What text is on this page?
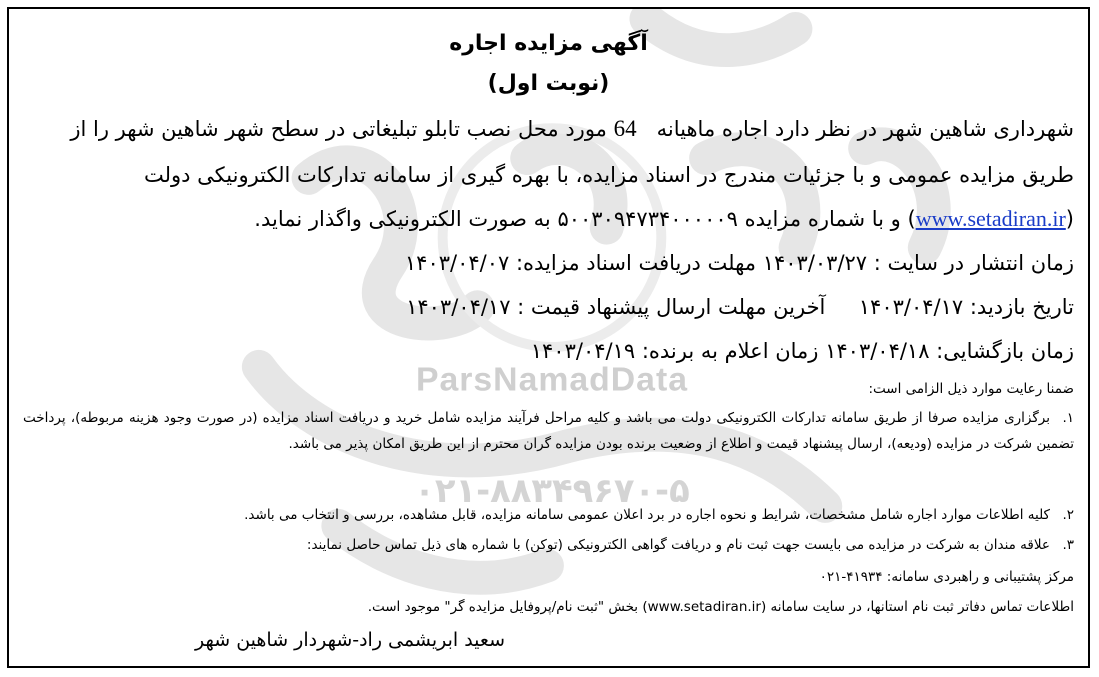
ParsNamadData
۰۲۱-۸۸۳۴۹۶۷۰-۵
آگهی مزایده اجاره
(نوبت اول)
شهرداری شاهین شهر در نظر دارد اجاره ماهیانه   64 مورد محل نصب تابلو تبلیغاتی در سطح شهر شاهین شهر را از
طریق مزایده عمومی و با جزئیات مندرج در اسناد مزایده، با بهره گیری از سامانه تدارکات الکترونیکی دولت
(www.setadiran.ir) و با شماره مزایده ۵۰۰۳۰۹۴۷۳۴۰۰۰۰۰۹ به صورت الکترونیکی واگذار نماید.
زمان انتشار در سایت : ۱۴۰۳/۰۳/۲۷ مهلت دریافت اسناد مزایده: ۱۴۰۳/۰۴/۰۷
تاریخ بازدید: ۱۴۰۳/۰۴/۱۷     آخرین مهلت ارسال پیشنهاد قیمت : ۱۴۰۳/۰۴/۱۷
زمان بازگشایی: ۱۴۰۳/۰۴/۱۸ زمان اعلام به برنده: ۱۴۰۳/۰۴/۱۹
ضمنا رعایت موارد ذیل الزامی است:
۱.برگزاری مزایده صرفا از طریق سامانه تدارکات الکترونیکی دولت می باشد و کلیه مراحل فرآیند مزایده شامل خرید و دریافت اسناد مزایده (در صورت وجود هزینه مربوطه)، پرداخت تضمین شرکت در مزایده (ودیعه)، ارسال پیشنهاد قیمت و اطلاع از وضعیت برنده بودن مزایده گران محترم از این طریق امکان پذیر می باشد.
۲.کلیه اطلاعات موارد اجاره شامل مشخصات، شرایط و نحوه اجاره در برد اعلان عمومی سامانه مزایده، قابل مشاهده، بررسی و انتخاب می باشد.
۳.علاقه مندان به شرکت در مزایده می بایست جهت ثبت نام و دریافت گواهی الکترونیکی (توکن) با شماره های ذیل تماس حاصل نمایند:
مرکز پشتیبانی و راهبردی سامانه: ۴۱۹۳۴-۰۲۱
اطلاعات تماس دفاتر ثبت نام استانها، در سایت سامانه (www.setadiran.ir) بخش "ثبت نام/پروفایل مزایده گر" موجود است.
سعید ابریشمی راد-شهردار شاهین شهر
